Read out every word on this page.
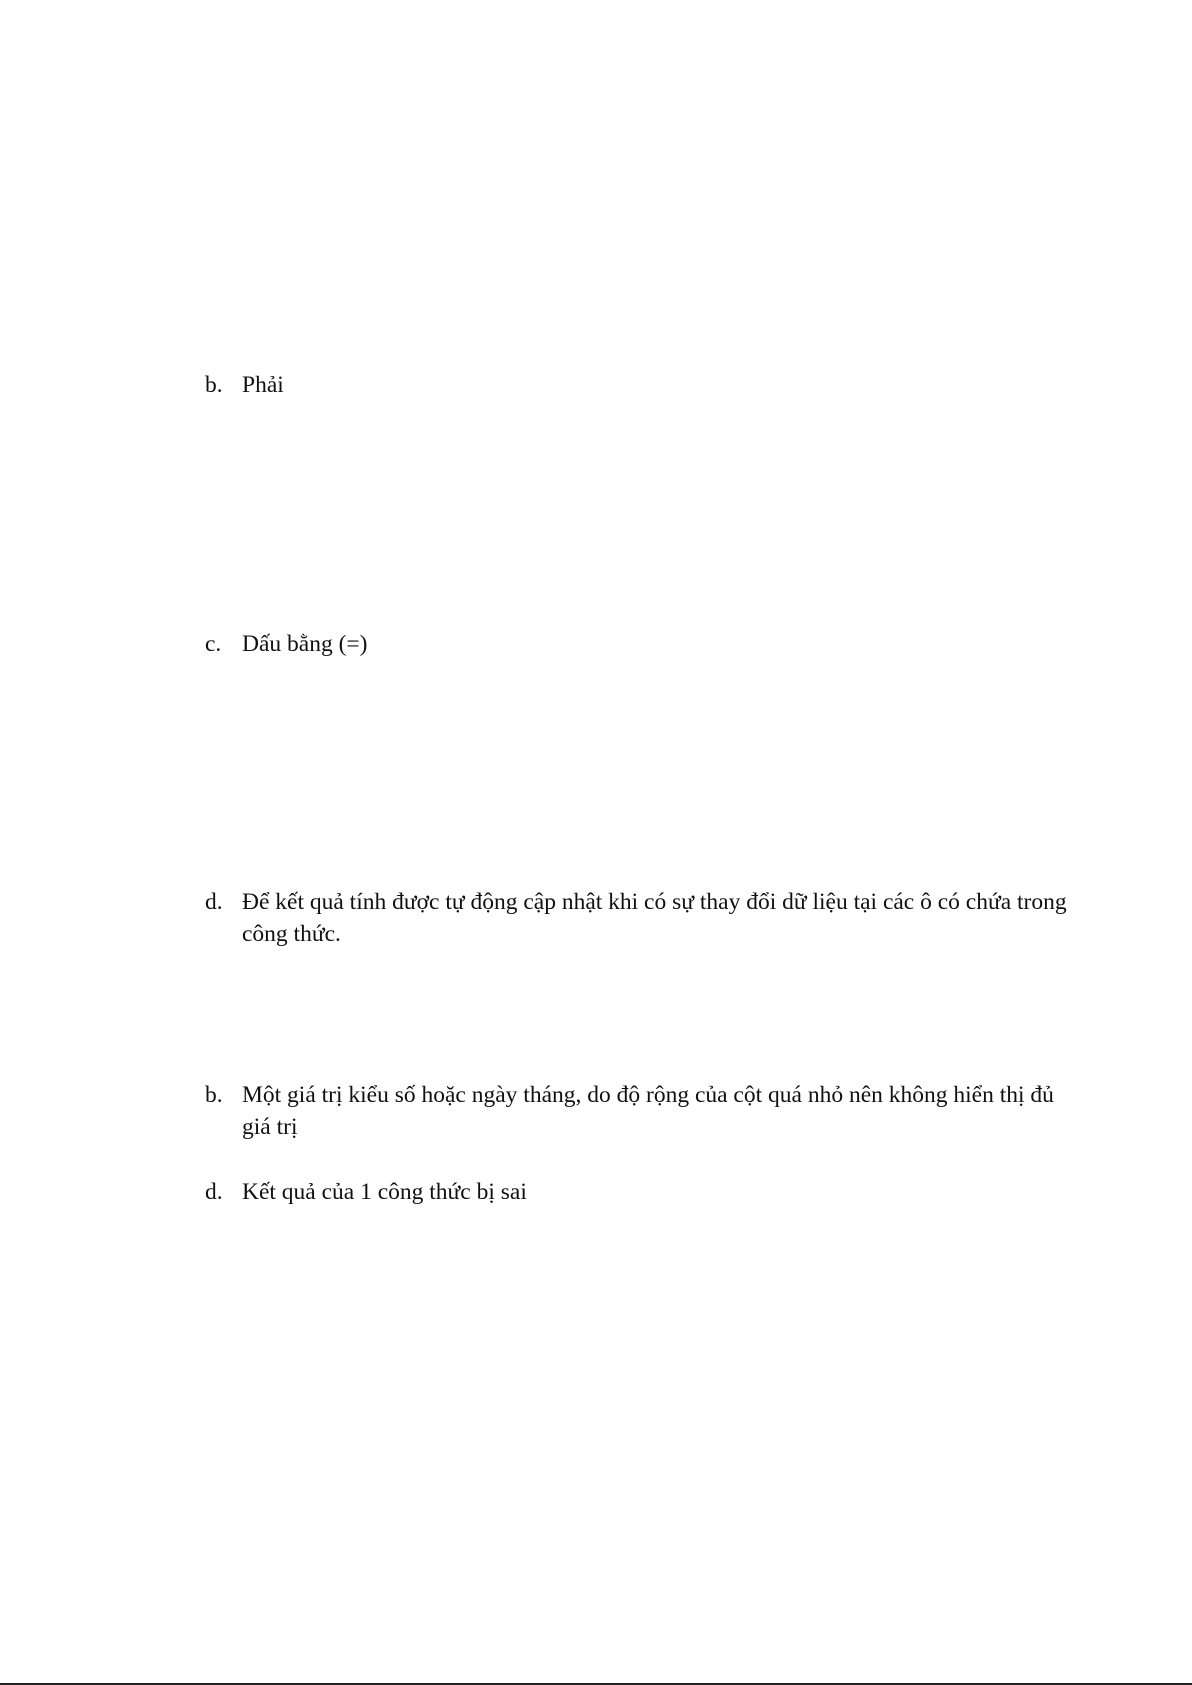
b. Phải
c. Dấu bằng (=)
d. Để kết quả tính được tự động cập nhật khi có sự thay đổi dữ liệu tại các ô có chứa trong công thức.
b. Một giá trị kiểu số hoặc ngày tháng, do độ rộng của cột quá nhỏ nên không hiển thị đủ giá trị
d. Kết quả của 1 công thức bị sai
